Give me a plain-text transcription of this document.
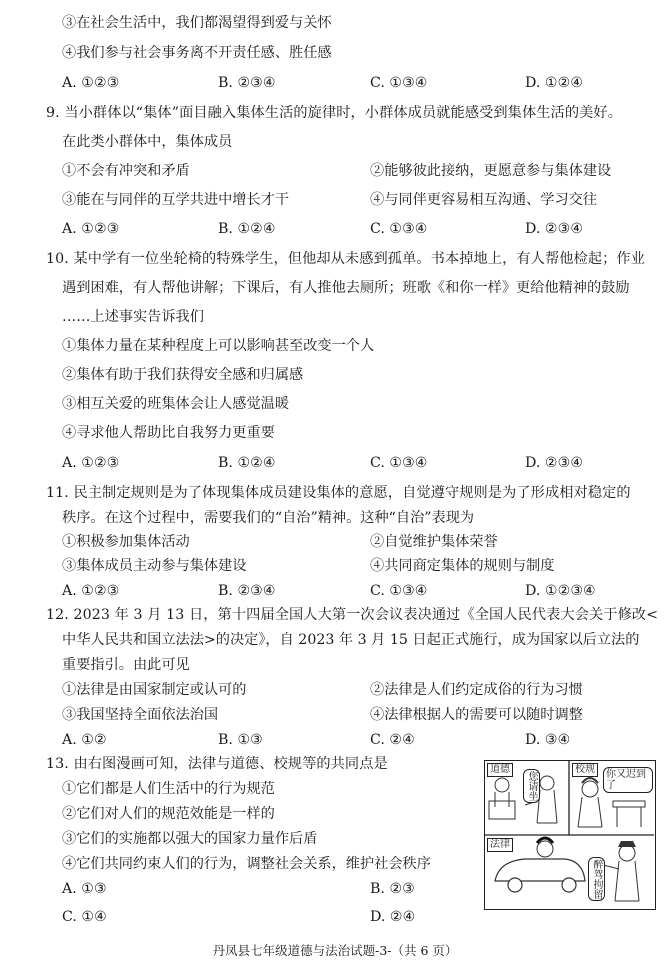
③在社会生活中，我们都渴望得到爱与关怀
④我们参与社会事务离不开责任感、胜任感
A. ①②③	B. ②③④	C. ①③④	D. ①②④
9. 当小群体以“集体”面目融入集体生活的旋律时，小群体成员就能感受到集体生活的美好。
在此类小群体中，集体成员
①不会有冲突和矛盾	②能够彼此接纳，更愿意参与集体建设
③能在与同伴的互学共进中增长才干	④与同伴更容易相互沟通、学习交往
A. ①②③	B. ①②④	C. ①③④	D. ②③④
10. 某中学有一位坐轮椅的特殊学生，但他却从未感到孤单。书本掉地上，有人帮他检起；作业
遇到困难，有人帮他讲解；下课后，有人推他去厕所；班歌《和你一样》更给他精神的鼓励
……上述事实告诉我们
①集体力量在某种程度上可以影响甚至改变一个人
②集体有助于我们获得安全感和归属感
③相互关爱的班集体会让人感觉温暖
④寻求他人帮助比自我努力更重要
A. ①②③	B. ①②④	C. ①③④	D. ②③④
11. 民主制定规则是为了体现集体成员建设集体的意愿，自觉遵守规则是为了形成相对稳定的
秩序。在这个过程中，需要我们的“自治”精神。这种“自治”表现为
①积极参加集体活动	②自觉维护集体荣誉
③集体成员主动参与集体建设	④共同商定集体的规则与制度
A. ①②③	B. ②③④	C. ①③④	D. ①②③④
12. 2023 年 3 月 13 日，第十四届全国人大第一次会议表决通过《全国人民代表大会关于修改<
中华人民共和国立法法>的决定》，自 2023 年 3 月 15 日起正式施行，成为国家以后立法的
重要指引。由此可见
①法律是由国家制定或认可的	②法律是人们约定成俗的行为习惯
③我国坚持全面依法治国	④法律根据人的需要可以随时调整
A. ①②	B. ①③	C. ②④	D. ③④
13. 由右图漫画可知，法律与道德、校规等的共同点是
①它们都是人们生活中的行为规范
②它们对人们的规范效能是一样的
③它们的实施都以强大的国家力量作后盾
④它们共同约束人们的行为，调整社会关系，维护社会秩序
A. ①③	B. ②③
C. ①④	D. ②④
道德	校规
法律
您请坐	你又迟到了
醉驾拘留
丹凤县七年级道德与法治试题-3-（共 6 页）
